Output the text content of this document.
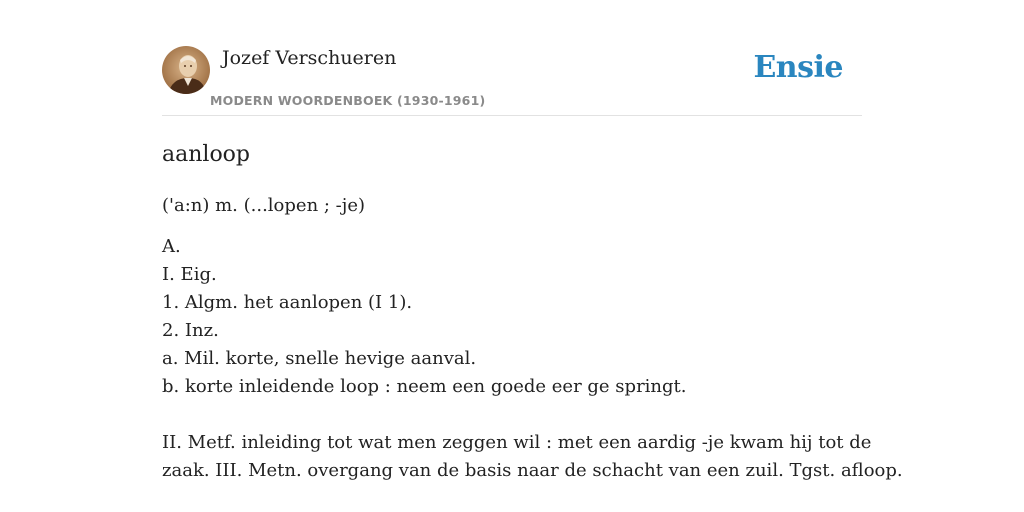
Jozef Verschueren
MODERN WOORDENBOEK (1930-1961)
Ensie
aanloop
('a:n) m. (...lopen ; -je)
A.
I. Eig.
1. Algm. het aanlopen (I 1).
2. Inz.
a. Mil. korte, snelle hevige aanval.
b. korte inleidende loop : neem een goede eer ge springt.
II. Metf. inleiding tot wat men zeggen wil : met een aardig -je kwam hij tot de
zaak. III. Metn. overgang van de basis naar de schacht van een zuil. Tgst. afloop.
